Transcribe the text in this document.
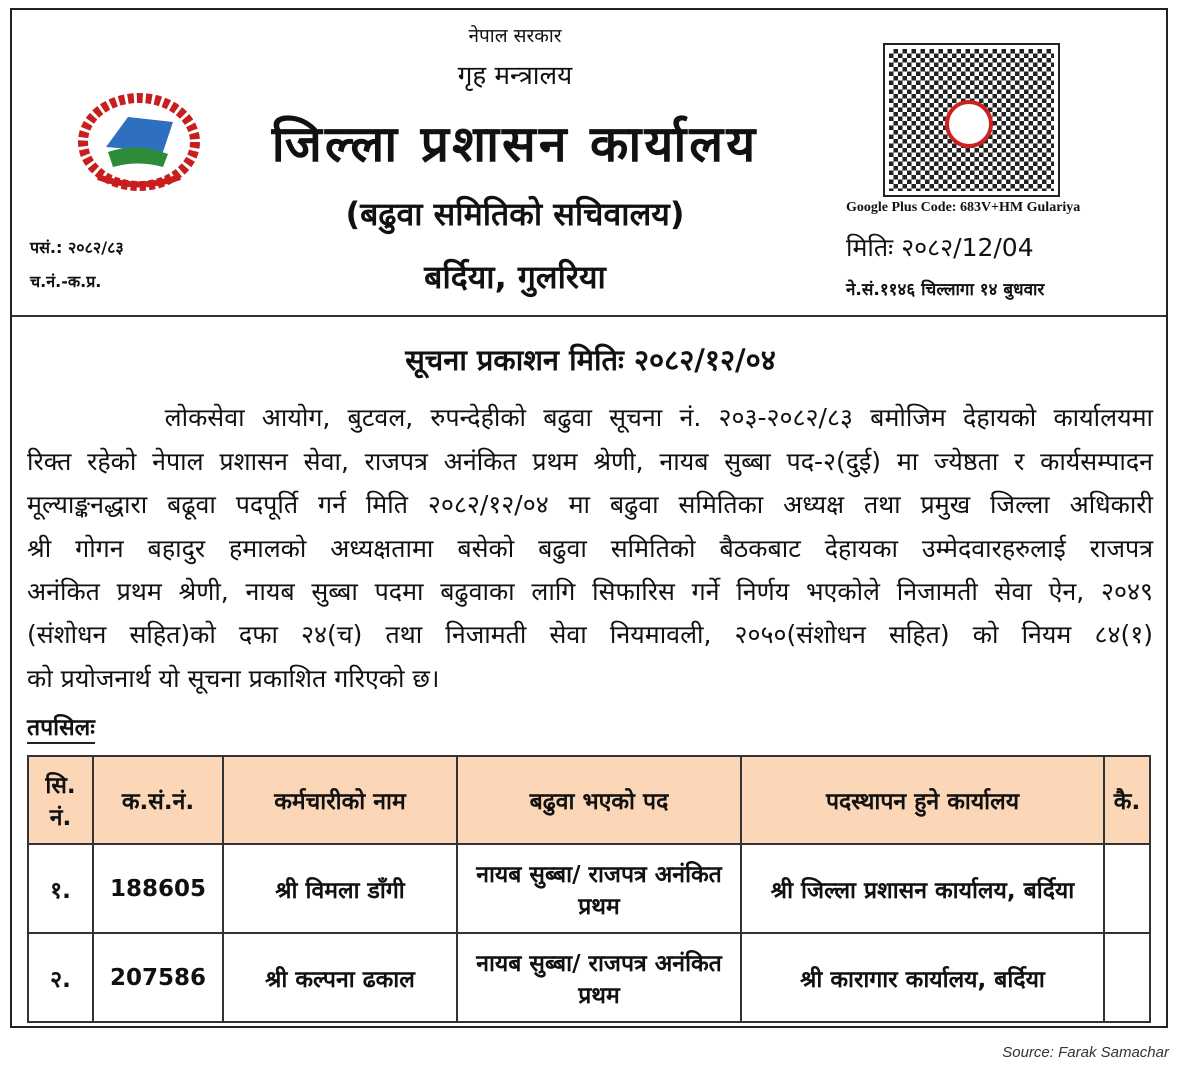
नेपाल सरकार
गृह मन्त्रालय
जिल्ला प्रशासन कार्यालय
(बढुवा समितिको सचिवालय)
बर्दिया, गुलरिया
पसं.: २०८२/८३
च.नं.-क.प्र.
Google Plus Code: 683V+HM Gulariya
मितिः २०८२/12/04
ने.सं.११४६ चिल्लागा १४ बुधवार
सूचना प्रकाशन मितिः २०८२/१२/०४
लोकसेवा आयोग, बुटवल, रुपन्देहीको बढुवा सूचना नं. २०३-२०८२/८३ बमोजिम देहायको कार्यालयमा
रिक्त रहेको नेपाल प्रशासन सेवा, राजपत्र अनंकित प्रथम श्रेणी, नायब सुब्बा पद-२(दुई) मा ज्येष्ठता र कार्यसम्पादन
मूल्याङ्कनद्धारा बढूवा पदपूर्ति गर्न मिति २०८२/१२/०४ मा बढुवा समितिका अध्यक्ष तथा प्रमुख जिल्ला अधिकारी
श्री गोगन बहादुर हमालको अध्यक्षतामा बसेको बढुवा समितिको बैठकबाट देहायका उम्मेदवारहरुलाई राजपत्र
अनंकित प्रथम श्रेणी, नायब सुब्बा पदमा बढुवाका लागि सिफारिस गर्ने निर्णय भएकोले निजामती सेवा ऐन, २०४९
(संशोधन सहित)को दफा २४(च) तथा निजामती सेवा नियमावली, २०५०(संशोधन सहित) को नियम ८४(१)
को प्रयोजनार्थ यो सूचना प्रकाशित गरिएको छ।
तपसिलः
सि. नं.	क.सं.नं.	कर्मचारीको नाम	बढुवा भएको पद	पदस्थापन हुने कार्यालय	कै.
१.	188605	श्री विमला डाँगी	नायब सुब्बा/ राजपत्र अनंकित प्रथम	श्री जिल्ला प्रशासन कार्यालय, बर्दिया	
२.	207586	श्री कल्पना ढकाल	नायब सुब्बा/ राजपत्र अनंकित प्रथम	श्री कारागार कार्यालय, बर्दिया	
Source: Farak Samachar
